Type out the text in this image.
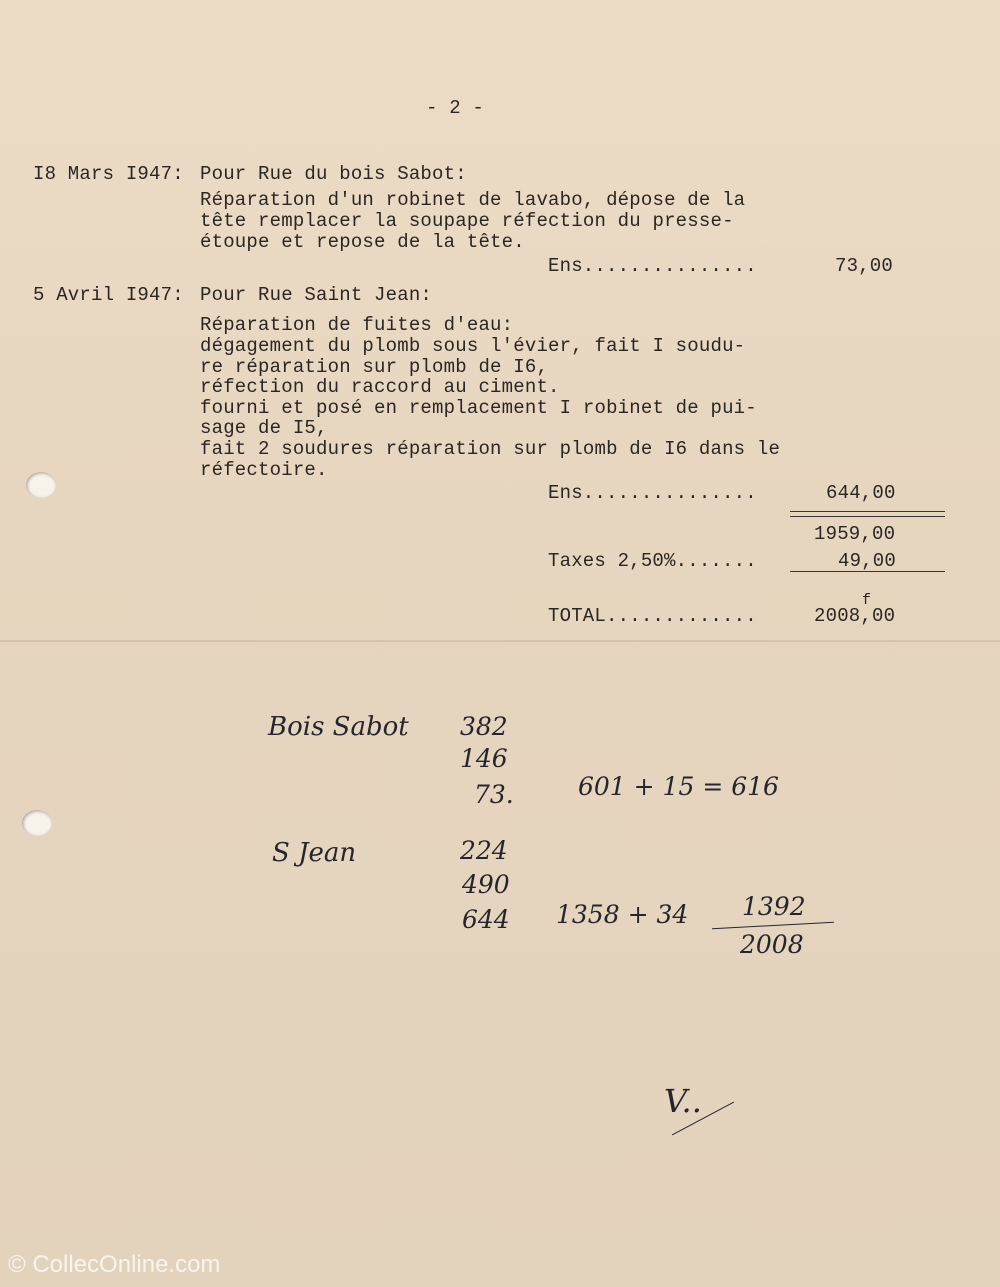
- 2 -
I8 Mars I947: Pour Rue du bois Sabot:
Réparation d'un robinet de lavabo, dépose de la
tête remplacer la soupape réfection du presse-
étoupe et repose de la tête.
Ens...............	73,00
5 Avril I947: Pour Rue Saint Jean:
Réparation de fuites d'eau:
dégagement du plomb sous l'évier, fait I soudu-
re réparation sur plomb de I6,
réfection du raccord au ciment.
fourni et posé en remplacement I robinet de pui-
sage de I5,
fait 2 soudures réparation sur plomb de I6 dans le
réfectoire.
Ens...............	644,00
1959,00
Taxes 2,50%.......	49,00
TOTAL.............	2008,00
f
Bois Sabot 382
146
73.	601 + 15 = 616
S Jean	224
490
644 1358 + 34 1392
2008
V..
© CollecOnline.com
